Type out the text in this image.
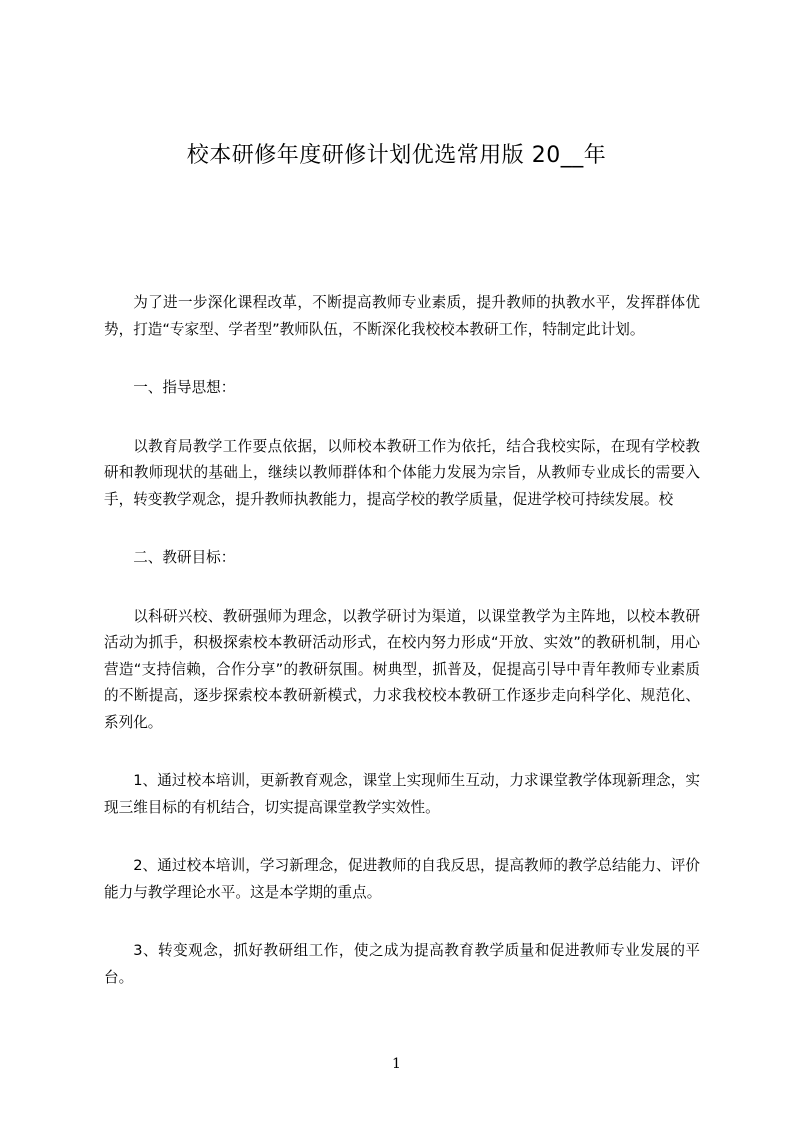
校本研修年度研修计划优选常用版 20__年

为了进一步深化课程改革，不断提高教师专业素质，提升教师的执教水平，发挥群体优势，打造“专家型、学者型”教师队伍，不断深化我校校本教研工作，特制定此计划。

一、指导思想：

以教育局教学工作要点依据，以师校本教研工作为依托，结合我校实际，在现有学校教研和教师现状的基础上，继续以教师群体和个体能力发展为宗旨，从教师专业成长的需要入手，转变教学观念，提升教师执教能力，提高学校的教学质量，促进学校可持续发展。校

二、教研目标：

以科研兴校、教研强师为理念，以教学研讨为渠道，以课堂教学为主阵地，以校本教研活动为抓手，积极探索校本教研活动形式，在校内努力形成“开放、实效”的教研机制，用心营造“支持信赖，合作分享”的教研氛围。树典型，抓普及，促提高引导中青年教师专业素质的不断提高，逐步探索校本教研新模式，力求我校校本教研工作逐步走向科学化、规范化、系列化。

1、通过校本培训，更新教育观念，课堂上实现师生互动，力求课堂教学体现新理念，实现三维目标的有机结合，切实提高课堂教学实效性。

2、通过校本培训，学习新理念，促进教师的自我反思，提高教师的教学总结能力、评价能力与教学理论水平。这是本学期的重点。

3、转变观念，抓好教研组工作，使之成为提高教育教学质量和促进教师专业发展的平台。

1
